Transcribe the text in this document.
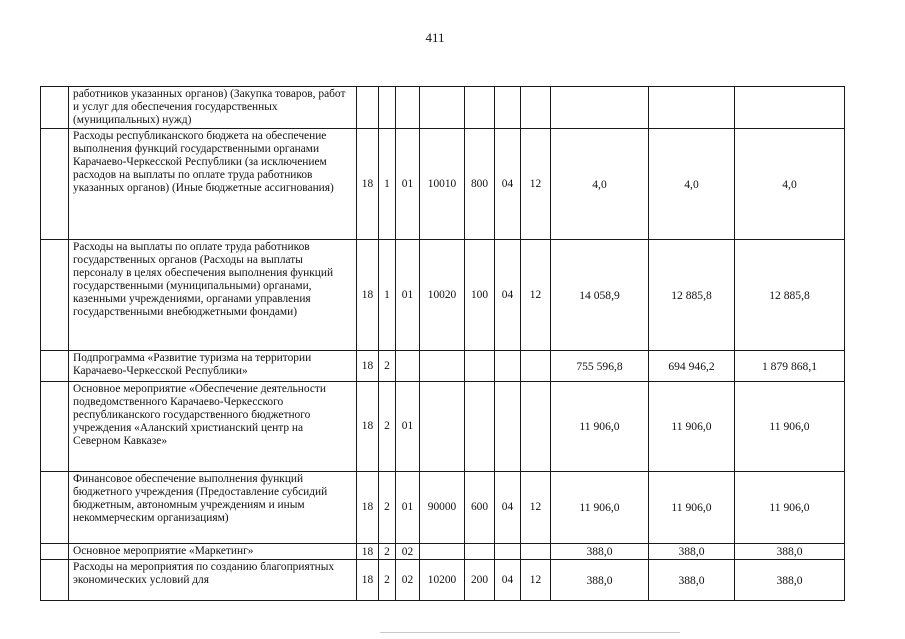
411
	работников указанных органов) (Закупка товаров, работ и услуг для обеспечения государственных (муниципальных) нужд)										
	Расходы республиканского бюджета на обеспечение выполнения функций государственными органами Карачаево-Черкесской Республики (за исключением расходов на выплаты по оплате труда работников указанных органов) (Иные бюджетные ассигнования)	18	1	01	10010	800	04	12	4,0	4,0	4,0
	Расходы на выплаты по оплате труда работников государственных органов (Расходы на выплаты персоналу в целях обеспечения выполнения функций государственными (муниципальными) органами, казенными учреждениями, органами управления государственными внебюджетными фондами)	18	1	01	10020	100	04	12	14 058,9	12 885,8	12 885,8
	Подпрограмма «Развитие туризма на территории Карачаево-Черкесской Республики»	18	2						755 596,8	694 946,2	1 879 868,1
	Основное мероприятие «Обеспечение деятельности подведомственного Карачаево-Черкесского республиканского государственного бюджетного учреждения «Аланский христианский центр на Северном Кавказе»	18	2	01					11 906,0	11 906,0	11 906,0
	Финансовое обеспечение выполнения функций бюджетного учреждения (Предоставление субсидий бюджетным, автономным учреждениям и иным некоммерческим организациям)	18	2	01	90000	600	04	12	11 906,0	11 906,0	11 906,0
	Основное мероприятие «Маркетинг»	18	2	02					388,0	388,0	388,0
	Расходы на мероприятия по созданию благоприятных экономических условий для	18	2	02	10200	200	04	12	388,0	388,0	388,0
